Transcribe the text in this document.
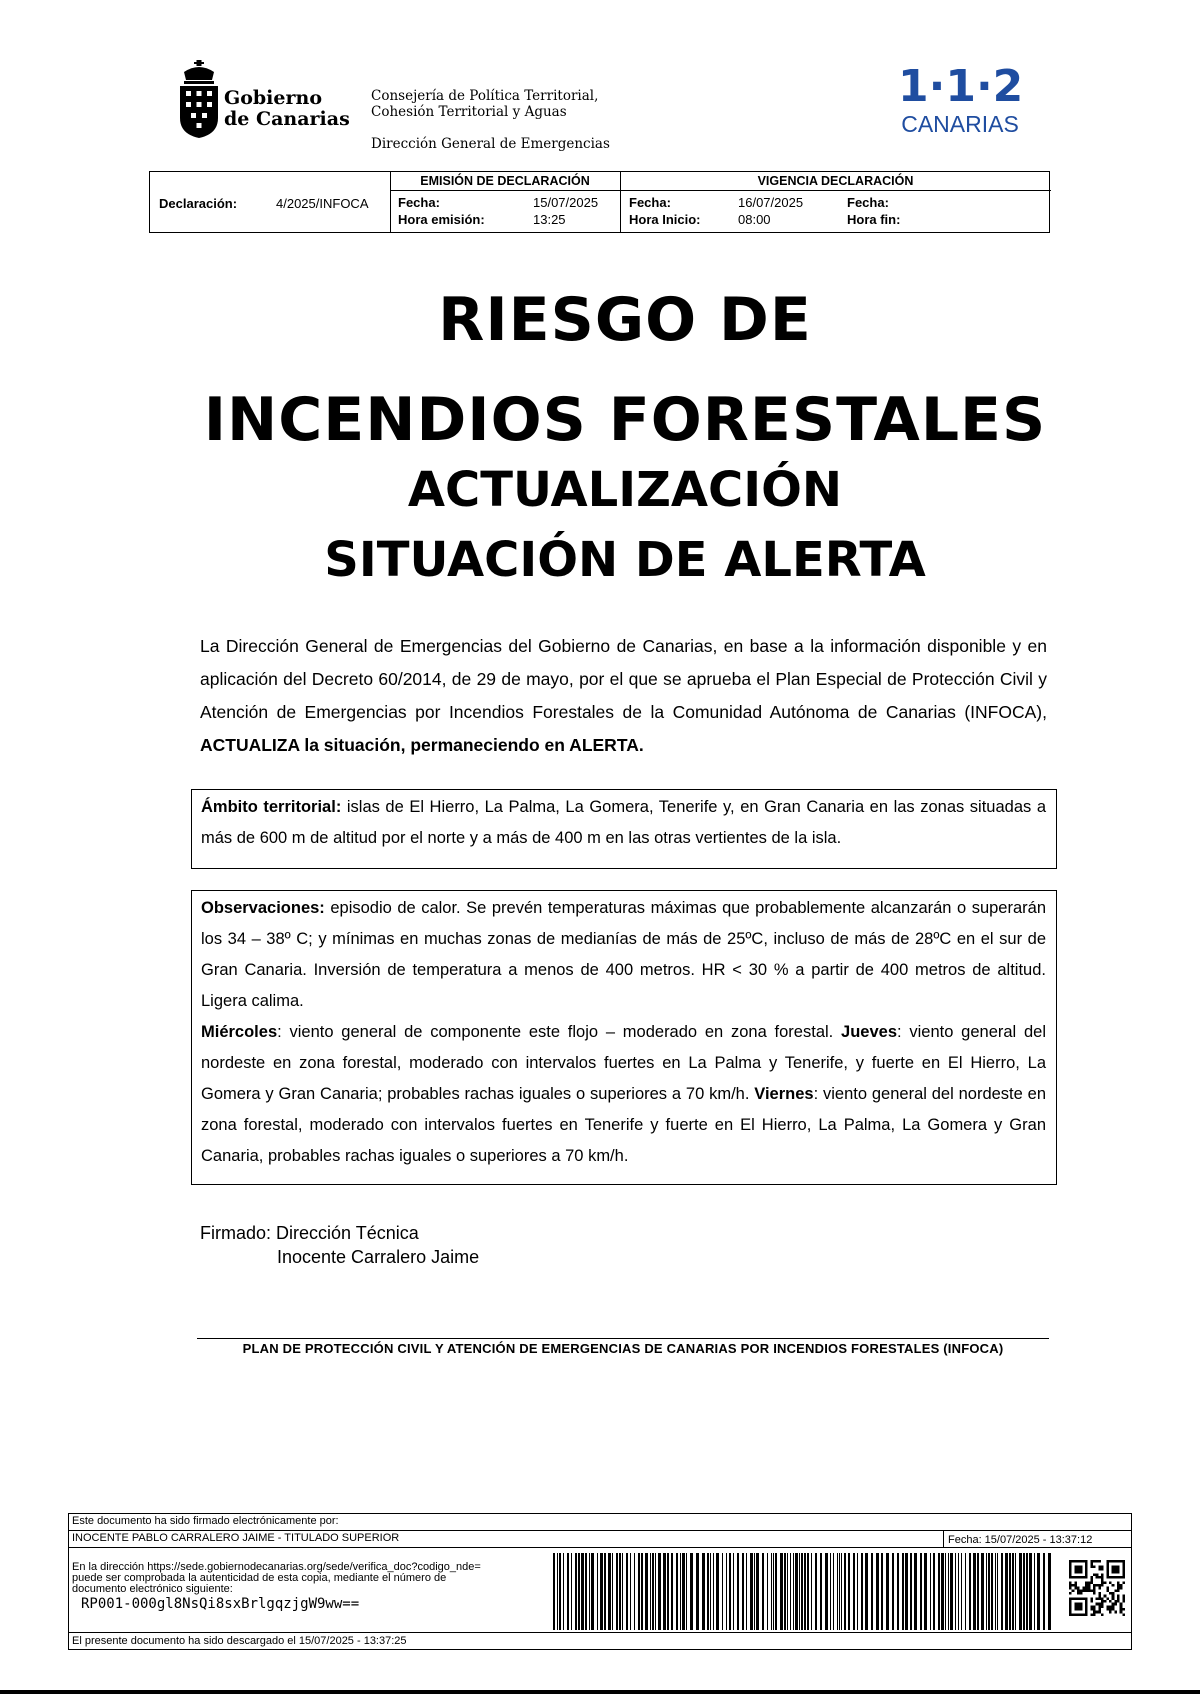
Gobierno
de Canarias
Consejería de Política Territorial,
Cohesión Territorial y Aguas
Dirección General de Emergencias
1·1·2
CANARIAS
Declaración:	4/2025/INFOCA
EMISIÓN DE DECLARACIÓN
Fecha:	15/07/2025
Hora emisión:	13:25
VIGENCIA DECLARACIÓN
Fecha:	16/07/2025
Hora Inicio:	08:00
Fecha:
Hora fin:
RIESGO DE
INCENDIOS FORESTALES
ACTUALIZACIÓN
SITUACIÓN DE ALERTA
La Dirección General de Emergencias del Gobierno de Canarias, en base a la información disponible y en aplicación del Decreto 60/2014, de 29 de mayo, por el que se aprueba el Plan Especial de Protección Civil y Atención de Emergencias por Incendios Forestales de la Comunidad Autónoma de Canarias (INFOCA), ACTUALIZA la situación, permaneciendo en ALERTA.
Ámbito territorial: islas de El Hierro, La Palma, La Gomera, Tenerife y, en Gran Canaria en las zonas situadas a más de 600 m de altitud por el norte y a más de 400 m en las otras vertientes de la isla.
Observaciones: episodio de calor. Se prevén temperaturas máximas que probablemente alcanzarán o superarán los 34 – 38º C; y mínimas en muchas zonas de medianías de más de 25ºC, incluso de más de 28ºC en el sur de Gran Canaria. Inversión de temperatura a menos de 400 metros. HR < 30 % a partir de 400 metros de altitud. Ligera calima.
Miércoles: viento general de componente este flojo – moderado en zona forestal. Jueves: viento general del nordeste en zona forestal, moderado con intervalos fuertes en La Palma y Tenerife, y fuerte en El Hierro, La Gomera y Gran Canaria; probables rachas iguales o superiores a 70 km/h. Viernes: viento general del nordeste en zona forestal, moderado con intervalos fuertes en Tenerife y fuerte en El Hierro, La Palma, La Gomera y Gran Canaria, probables rachas iguales o superiores a 70 km/h.
Firmado: Dirección Técnica
Inocente Carralero Jaime
PLAN DE PROTECCIÓN CIVIL Y ATENCIÓN DE EMERGENCIAS DE CANARIAS POR INCENDIOS FORESTALES (INFOCA)
Este documento ha sido firmado electrónicamente por:
INOCENTE PABLO CARRALERO JAIME - TITULADO SUPERIOR	Fecha: 15/07/2025 - 13:37:12
En la dirección https://sede.gobiernodecanarias.org/sede/verifica_doc?codigo_nde=
puede ser comprobada la autenticidad de esta copia, mediante el número de
documento electrónico siguiente:
RP001-000gl8NsQi8sxBrlgqzjgW9ww==
El presente documento ha sido descargado el 15/07/2025 - 13:37:25
